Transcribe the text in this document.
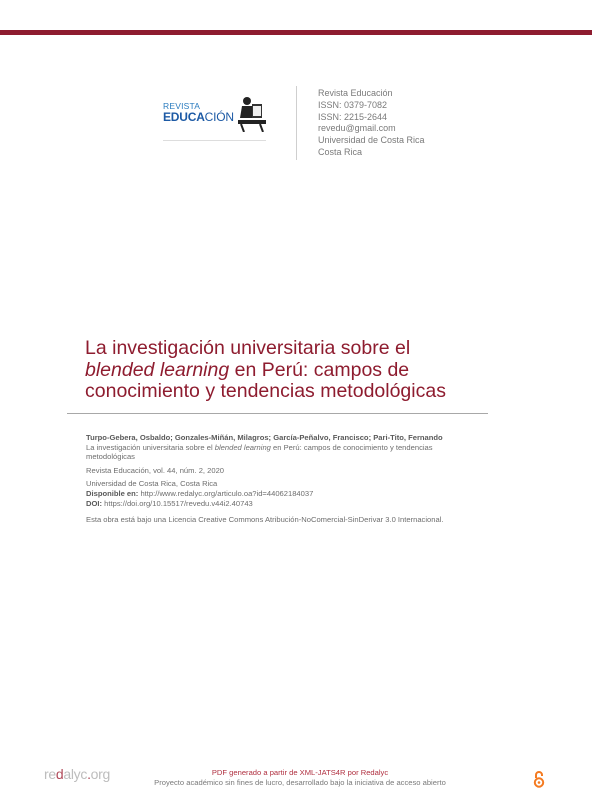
REVISTA
EDUCACIÓN
Revista Educación
ISSN: 0379-7082
ISSN: 2215-2644
revedu@gmail.com
Universidad de Costa Rica
Costa Rica
La investigación universitaria sobre el
blended learning en Perú: campos de
conocimiento y tendencias metodológicas
Turpo-Gebera, Osbaldo; Gonzales-Miñán, Milagros; García-Peñalvo, Francisco; Pari-Tito, Fernando
La investigación universitaria sobre el blended learning en Perú: campos de conocimiento y tendencias
metodológicas
Revista Educación, vol. 44, núm. 2, 2020
Universidad de Costa Rica, Costa Rica
Disponible en: http://www.redalyc.org/articulo.oa?id=44062184037
DOI: https://doi.org/10.15517/revedu.v44i2.40743
Esta obra está bajo una Licencia Creative Commons Atribución-NoComercial-SinDerivar 3.0 Internacional.
redalyc.org	PDF generado a partir de XML-JATS4R por Redalyc
Proyecto académico sin fines de lucro, desarrollado bajo la iniciativa de acceso abierto
